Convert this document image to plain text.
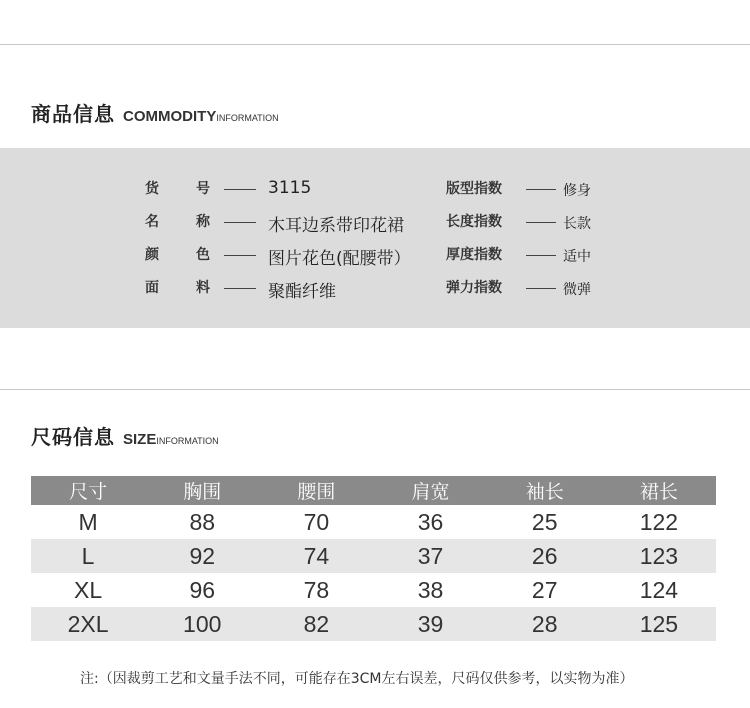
商品信息 COMMODITY INFORMATION
货	号	3115	版型指数	修身
名	称	木耳边系带印花裙	长度指数	长款
颜	色	图片花色(配腰带）	厚度指数	适中
面	料	聚酯纤维	弹力指数	微弹
尺码信息 SIZE INFORMATION
尺寸	胸围	腰围	肩宽	袖长	裙长
M	88	70	36	25	122
L	92	74	37	26	123
XL	96	78	38	27	124
2XL	100	82	39	28	125
注:（因裁剪工艺和文量手法不同，可能存在3CM左右误差，尺码仅供参考，以实物为准）
